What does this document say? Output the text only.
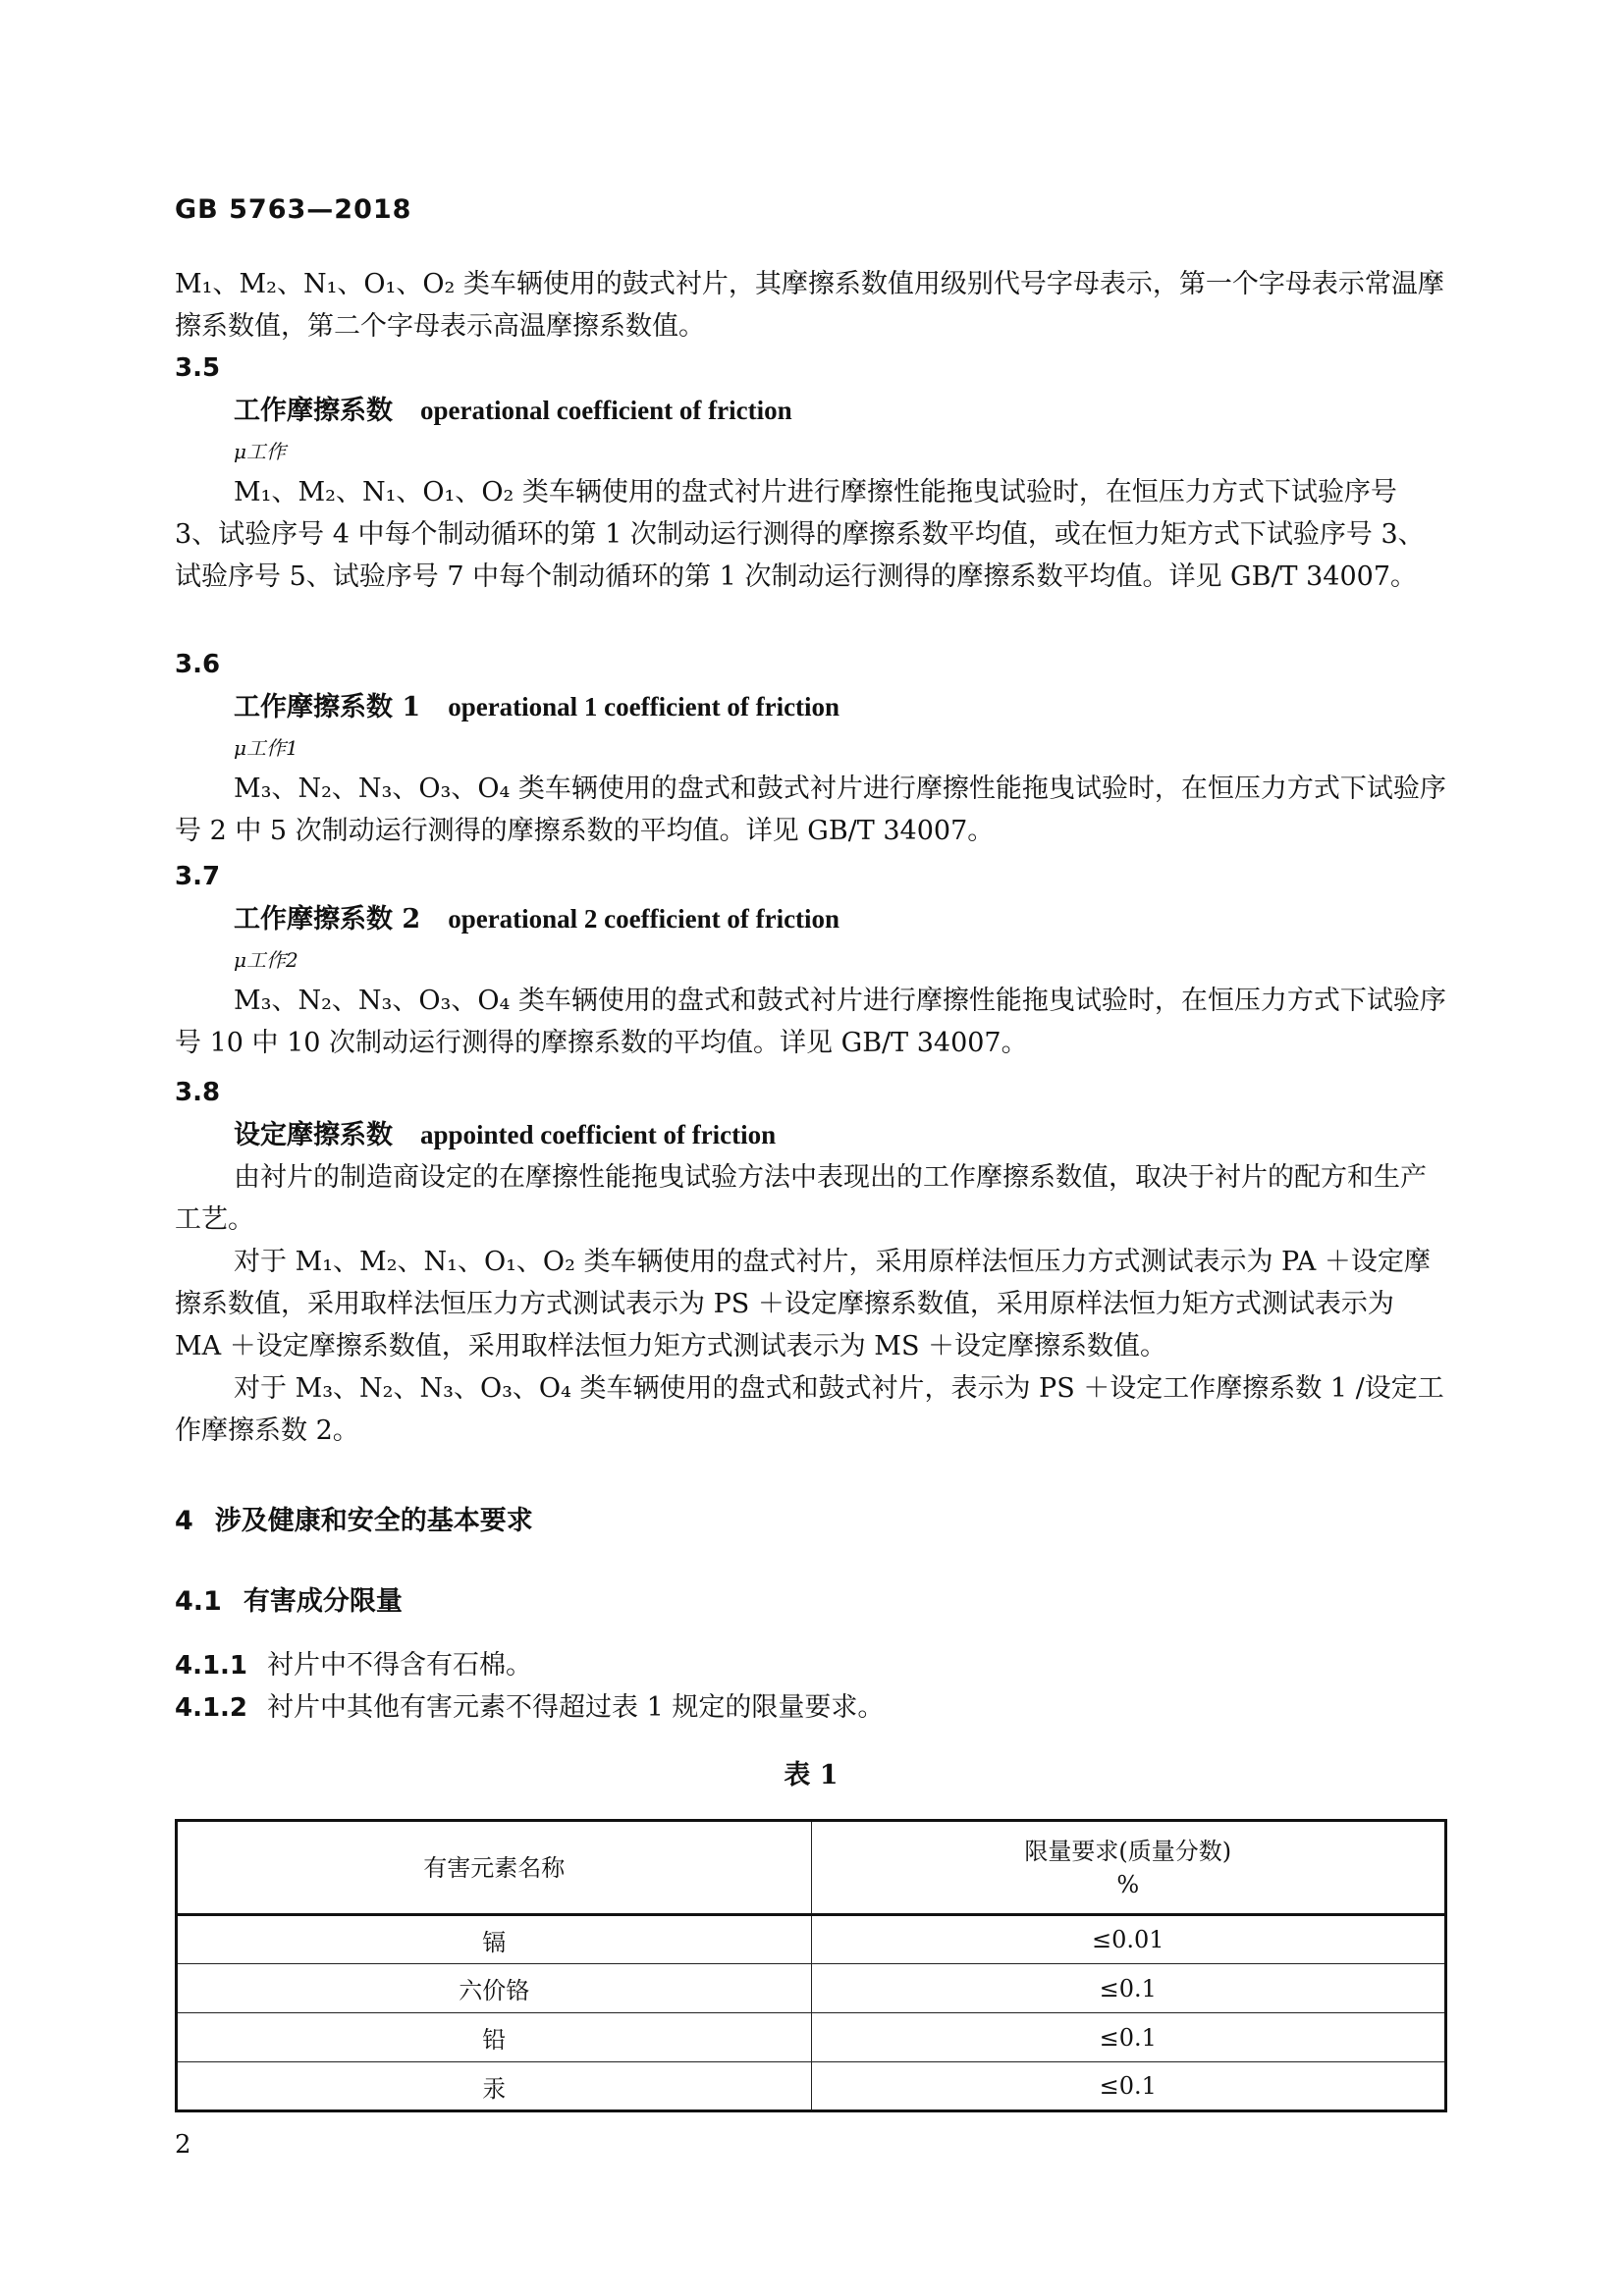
GB 5763—2018

M₁、M₂、N₁、O₁、O₂ 类车辆使用的鼓式衬片，其摩擦系数值用级别代号字母表示，第一个字母表示常温摩擦系数值，第二个字母表示高温摩擦系数值。

3.5

工作摩擦系数 operational coefficient of friction

μ工作

M₁、M₂、N₁、O₁、O₂ 类车辆使用的盘式衬片进行摩擦性能拖曳试验时，在恒压力方式下试验序号 3、试验序号 4 中每个制动循环的第 1 次制动运行测得的摩擦系数平均值，或在恒力矩方式下试验序号 3、试验序号 5、试验序号 7 中每个制动循环的第 1 次制动运行测得的摩擦系数平均值。详见 GB/T 34007。

3.6

工作摩擦系数 1 operational 1 coefficient of friction

μ工作1

M₃、N₂、N₃、O₃、O₄ 类车辆使用的盘式和鼓式衬片进行摩擦性能拖曳试验时，在恒压力方式下试验序号 2 中 5 次制动运行测得的摩擦系数的平均值。详见 GB/T 34007。

3.7

工作摩擦系数 2 operational 2 coefficient of friction

μ工作2

M₃、N₂、N₃、O₃、O₄ 类车辆使用的盘式和鼓式衬片进行摩擦性能拖曳试验时，在恒压力方式下试验序号 10 中 10 次制动运行测得的摩擦系数的平均值。详见 GB/T 34007。

3.8

设定摩擦系数 appointed coefficient of friction

由衬片的制造商设定的在摩擦性能拖曳试验方法中表现出的工作摩擦系数值，取决于衬片的配方和生产工艺。

对于 M₁、M₂、N₁、O₁、O₂ 类车辆使用的盘式衬片，采用原样法恒压力方式测试表示为 PA ＋设定摩擦系数值，采用取样法恒压力方式测试表示为 PS ＋设定摩擦系数值，采用原样法恒力矩方式测试表示为 MA ＋设定摩擦系数值，采用取样法恒力矩方式测试表示为 MS ＋设定摩擦系数值。

对于 M₃、N₂、N₃、O₃、O₄ 类车辆使用的盘式和鼓式衬片，表示为 PS ＋设定工作摩擦系数 1 /设定工作摩擦系数 2。

4 涉及健康和安全的基本要求
4.1 有害成分限量
4.1.1 衬片中不得含有石棉。
4.1.2 衬片中其他有害元素不得超过表 1 规定的限量要求。
表 1
有害元素名称	限量要求(质量分数)
%

镉	≤0.01
六价铬	≤0.1
铅	≤0.1
汞	≤0.1
2
